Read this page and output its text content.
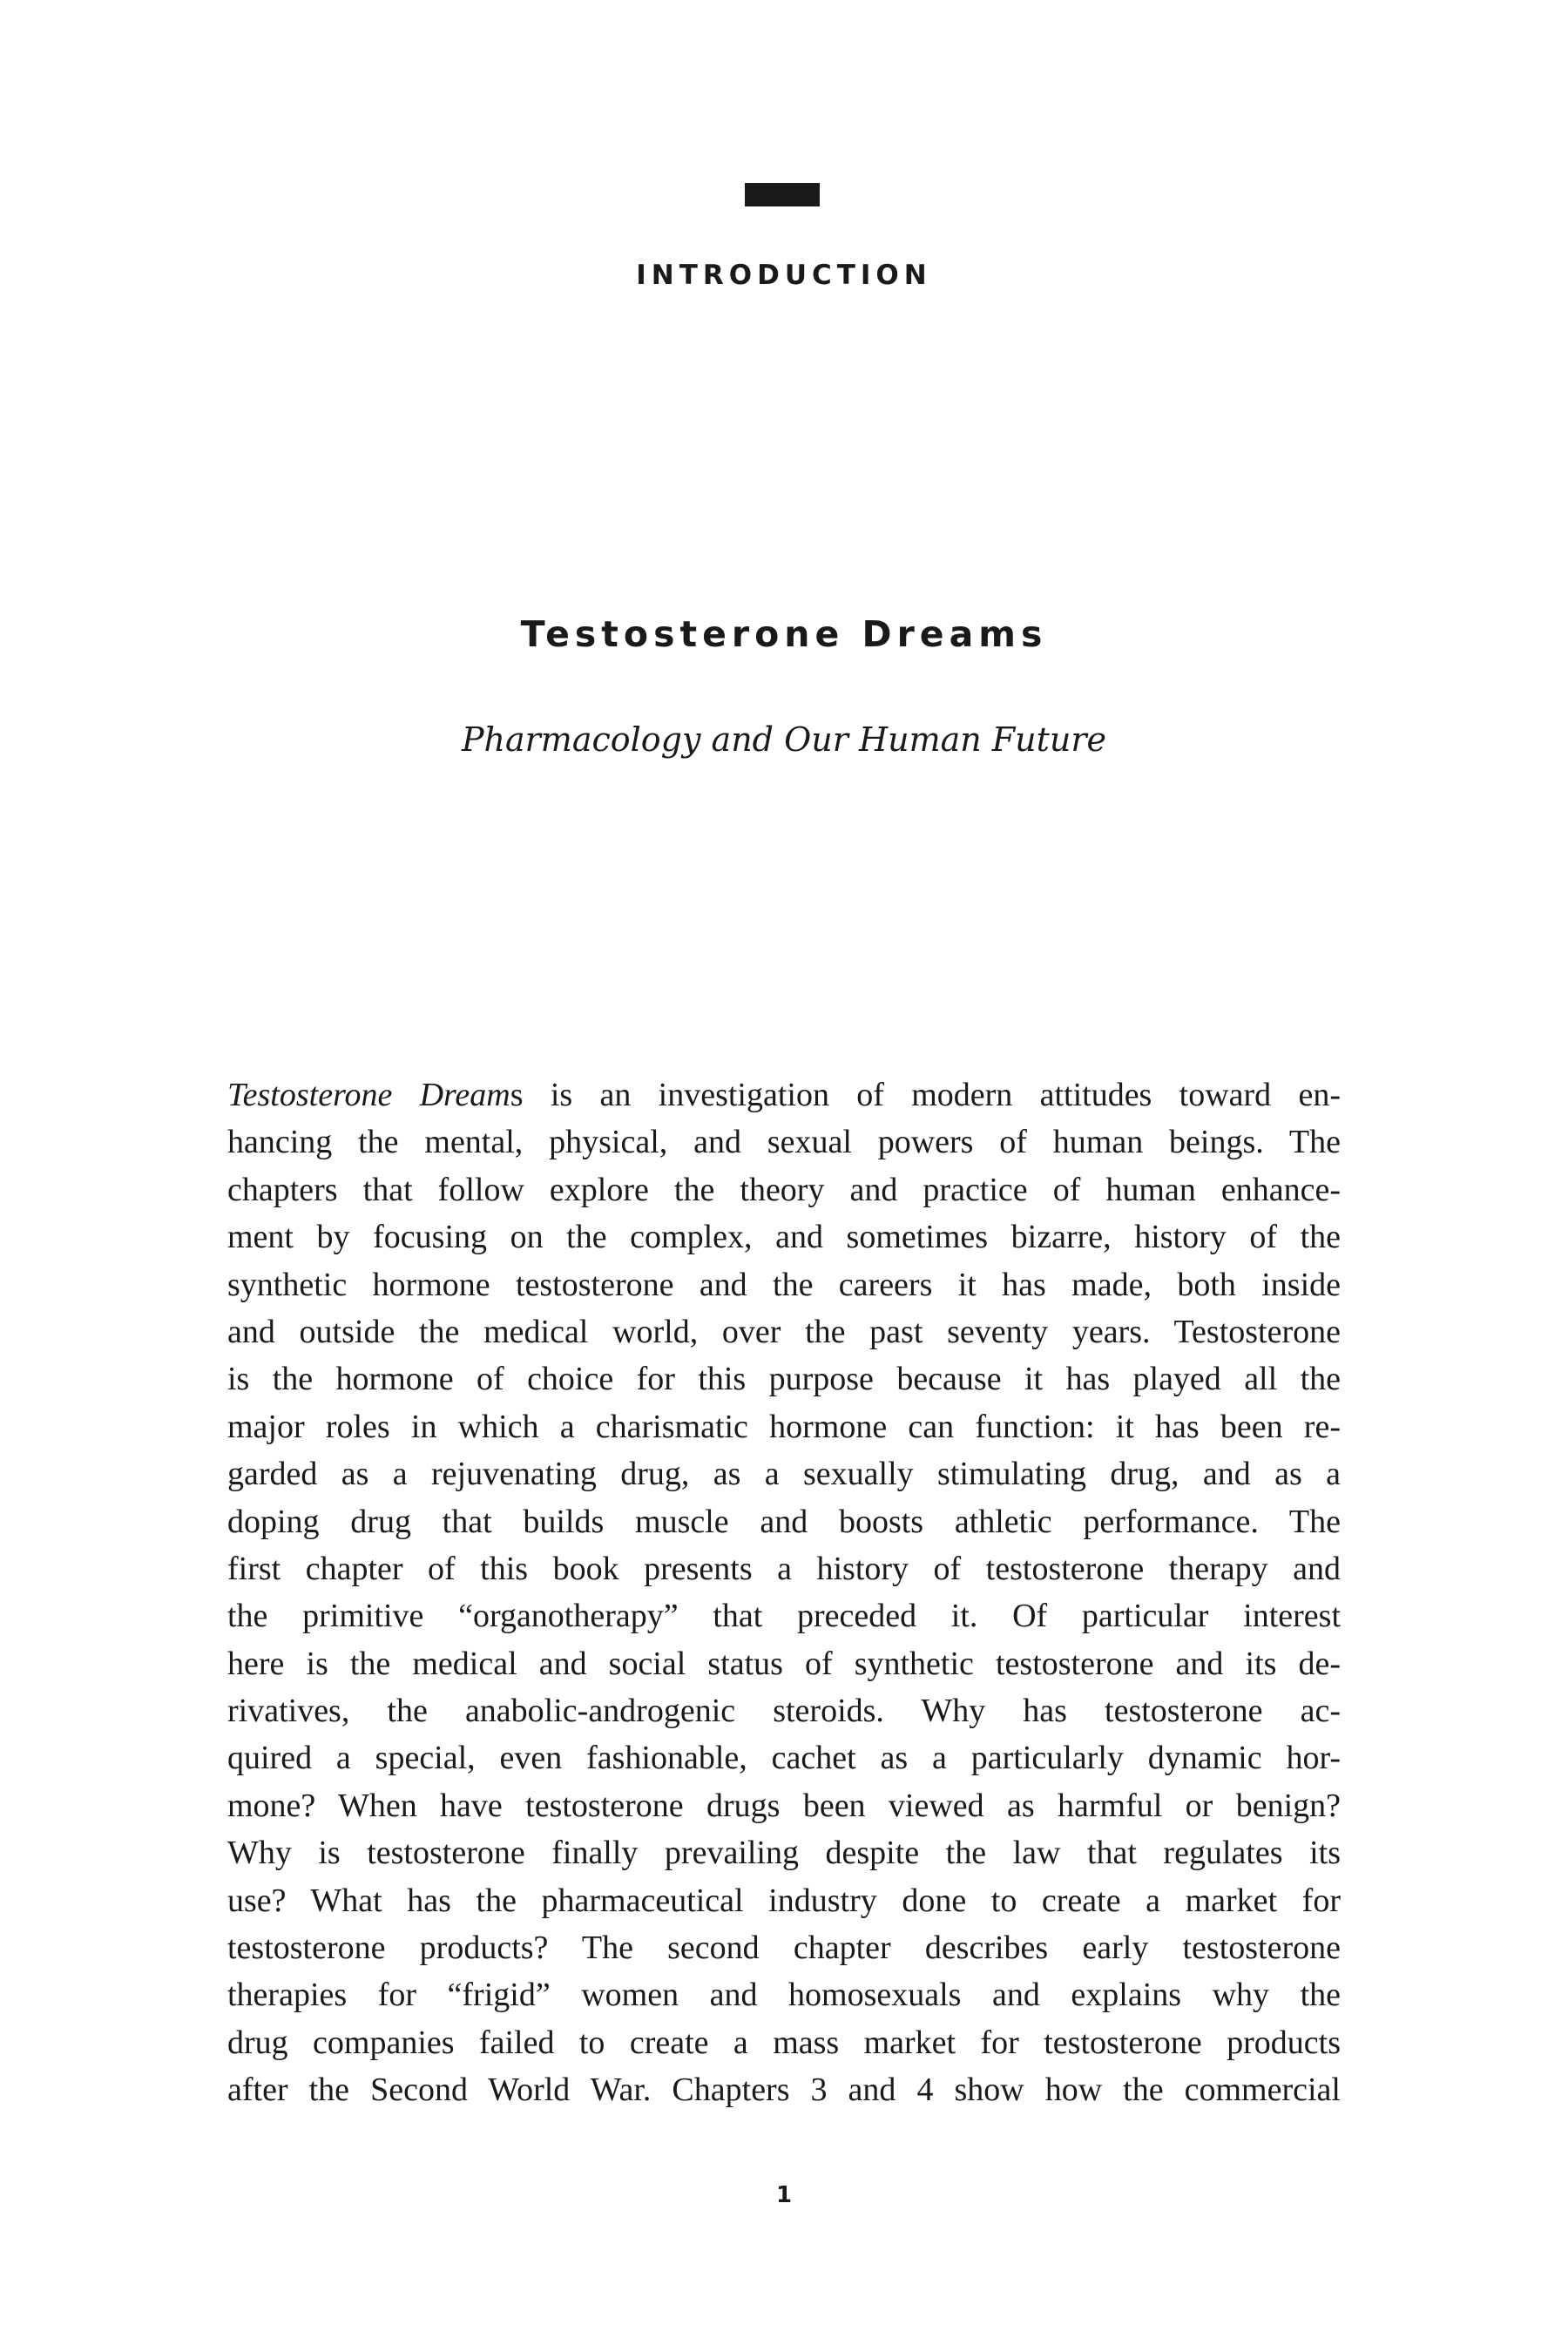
INTRODUCTION
Testosterone Dreams
Pharmacology and Our Human Future
Testosterone Dreams is an investigation of modern attitudes toward en-
hancing the mental, physical, and sexual powers of human beings. The
chapters that follow explore the theory and practice of human enhance-
ment by focusing on the complex, and sometimes bizarre, history of the
synthetic hormone testosterone and the careers it has made, both inside
and outside the medical world, over the past seventy years. Testosterone
is the hormone of choice for this purpose because it has played all the
major roles in which a charismatic hormone can function: it has been re-
garded as a rejuvenating drug, as a sexually stimulating drug, and as a
doping drug that builds muscle and boosts athletic performance. The
first chapter of this book presents a history of testosterone therapy and
the primitive “organotherapy” that preceded it. Of particular interest
here is the medical and social status of synthetic testosterone and its de-
rivatives, the anabolic-androgenic steroids. Why has testosterone ac-
quired a special, even fashionable, cachet as a particularly dynamic hor-
mone? When have testosterone drugs been viewed as harmful or benign?
Why is testosterone finally prevailing despite the law that regulates its
use? What has the pharmaceutical industry done to create a market for
testosterone products? The second chapter describes early testosterone
therapies for “frigid” women and homosexuals and explains why the
drug companies failed to create a mass market for testosterone products
after the Second World War. Chapters 3 and 4 show how the commercial
1
